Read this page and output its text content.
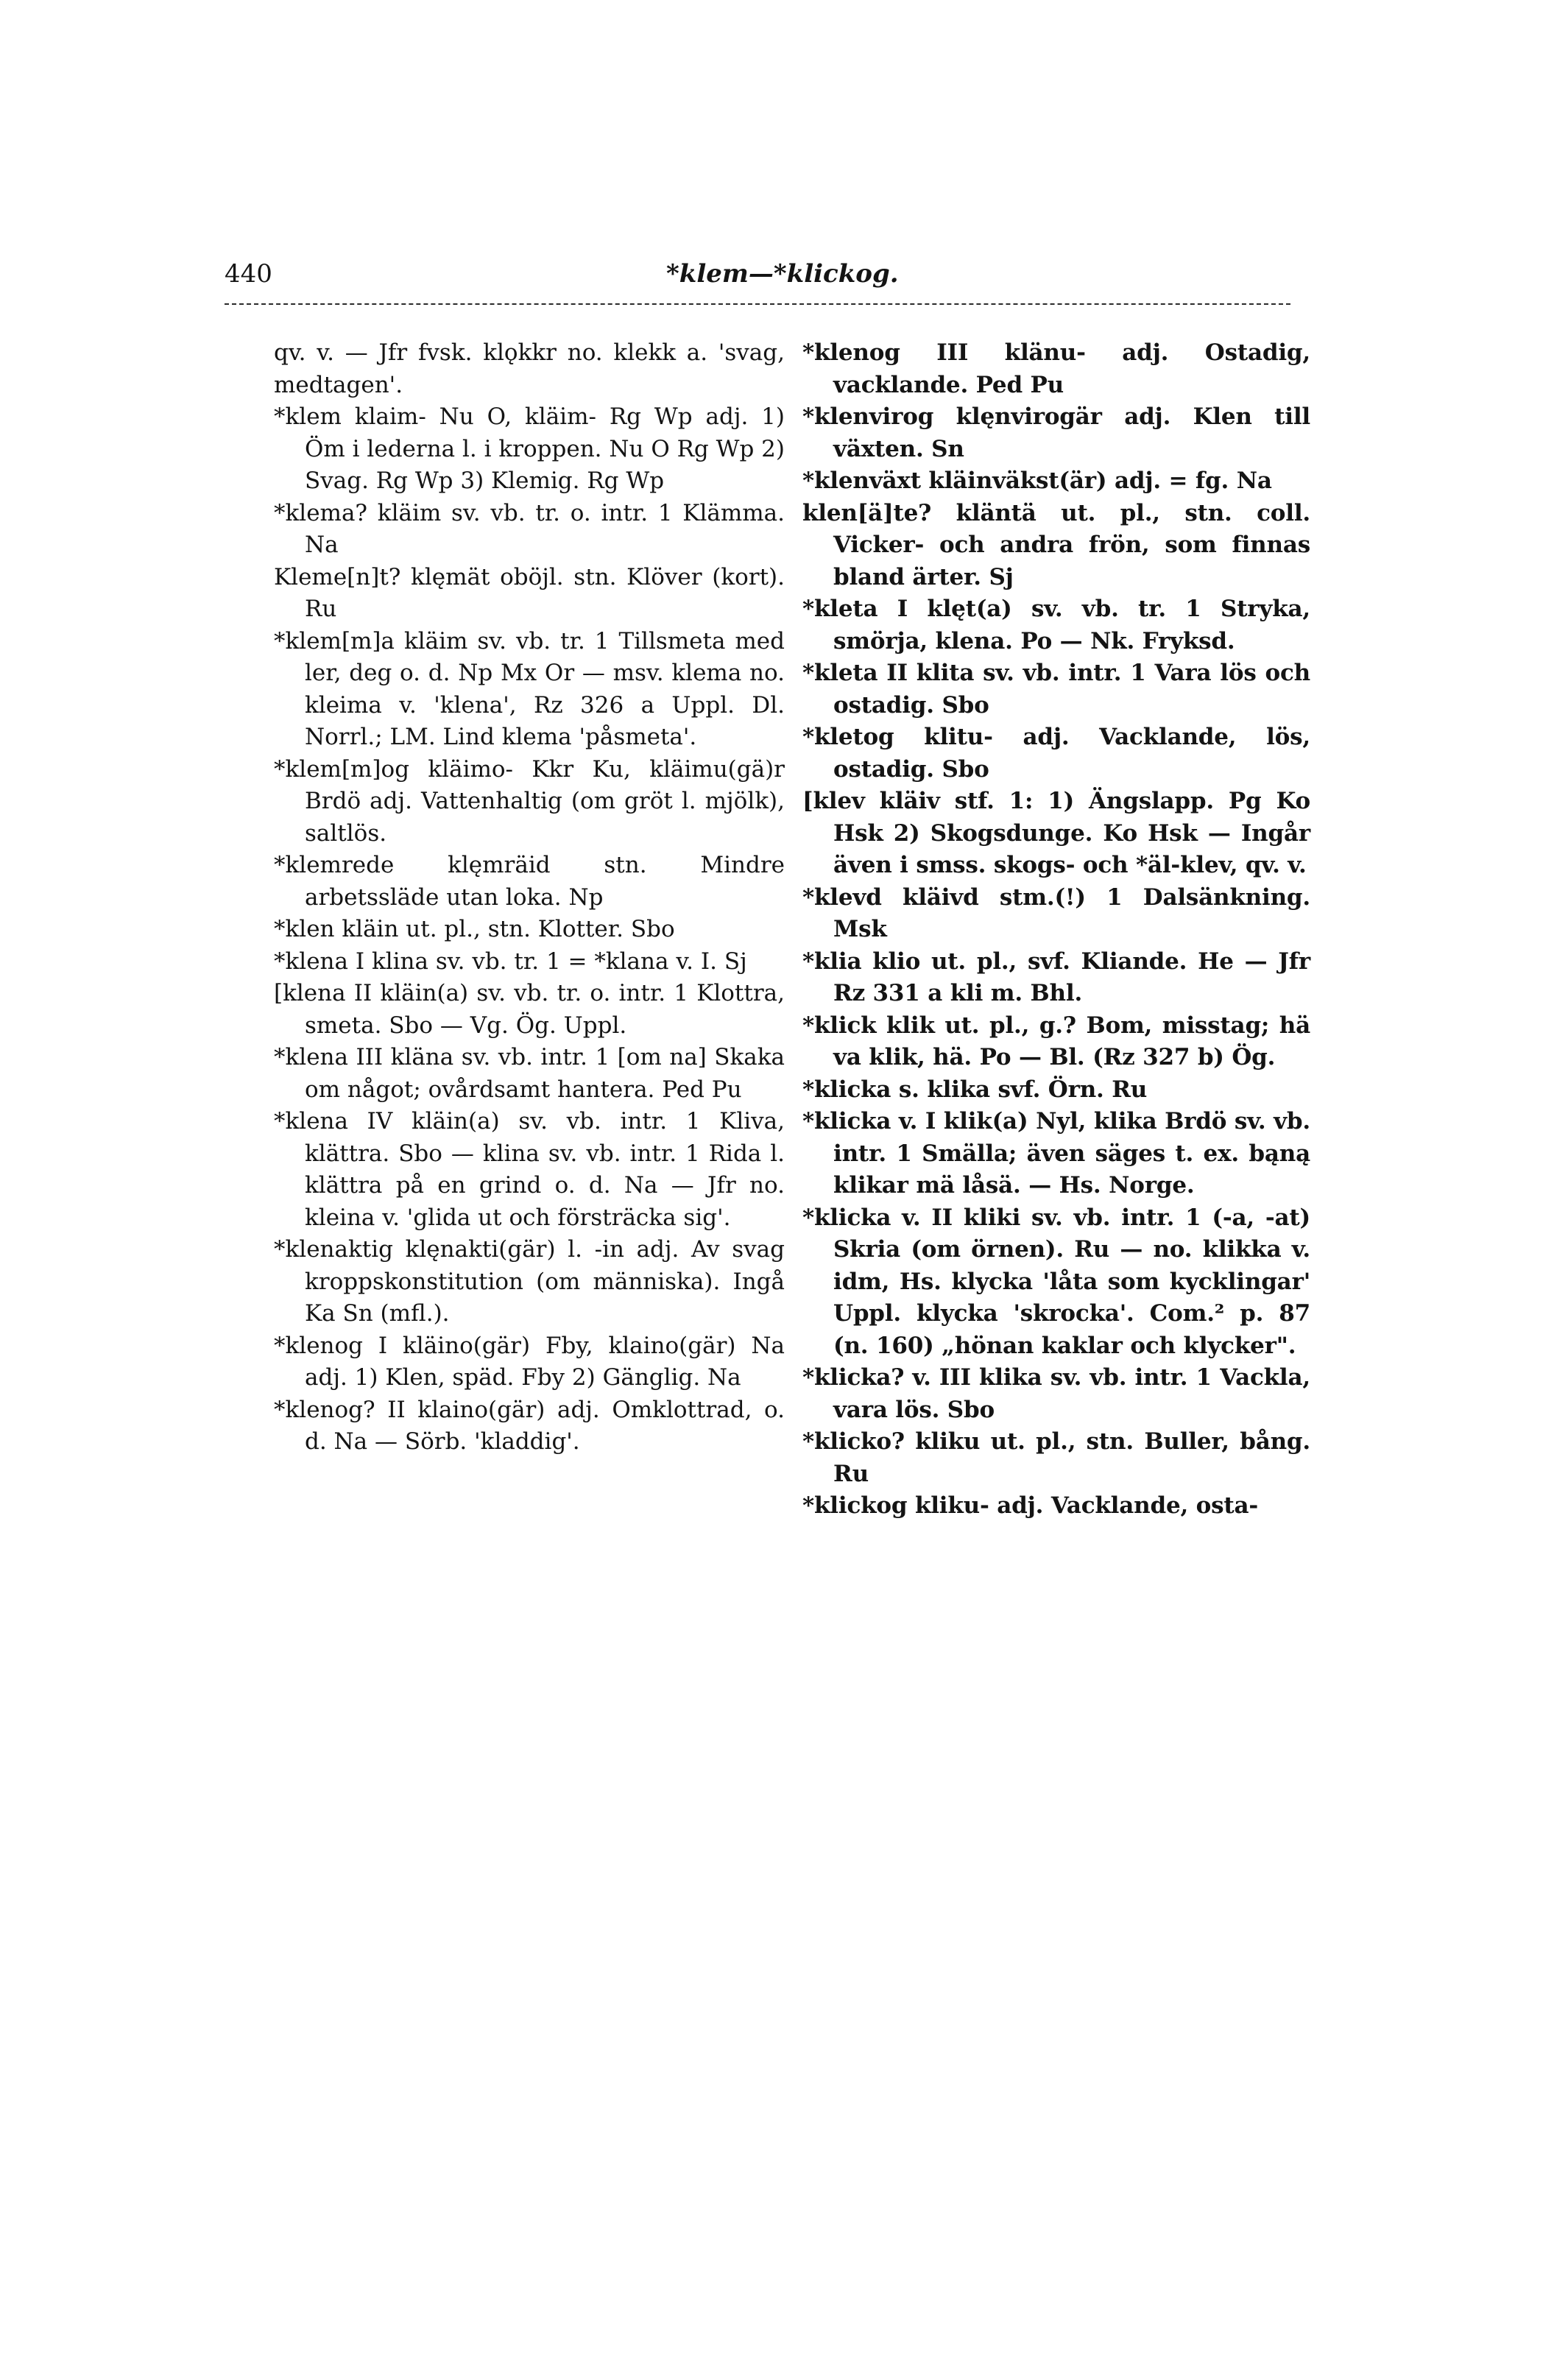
440	*klem—*klickog.

qv. v. — Jfr fvsk. klǫkkr no. klekk a. 'svag, medtagen'.

*klem klaim- Nu O, kläim- Rg Wp adj. 1) Öm i lederna l. i kroppen. Nu O Rg Wp 2) Svag. Rg Wp 3) Klemig. Rg Wp

*klema? kläim sv. vb. tr. o. intr. 1 Klämma. Na

Kleme[n]t? klęmät oböjl. stn. Klöver (kort). Ru

*klem[m]a kläim sv. vb. tr. 1 Tillsmeta med ler, deg o. d. Np Mx Or — msv. klema no. kleima v. 'klena', Rz 326 a Uppl. Dl. Norrl.; LM. Lind klema 'påsmeta'.

*klem[m]og kläimo- Kkr Ku, kläimu(gä)r Brdö adj. Vattenhaltig (om gröt l. mjölk), saltlös.

*klemrede klęmräid stn. Mindre arbetssläde utan loka. Np

*klen kläin ut. pl., stn. Klotter. Sbo

*klena I klina sv. vb. tr. 1 = *klana v. I. Sj

[klena II kläin(a) sv. vb. tr. o. intr. 1 Klottra, smeta. Sbo — Vg. Ög. Uppl.

*klena III kläna sv. vb. intr. 1 [om na] Skaka om något; ovårdsamt hantera. Ped Pu

*klena IV kläin(a) sv. vb. intr. 1 Kliva, klättra. Sbo — klina sv. vb. intr. 1 Rida l. klättra på en grind o. d. Na — Jfr no. kleina v. 'glida ut och försträcka sig'.

*klenaktig klęnakti(gär) l. -in adj. Av svag kroppskonstitution (om människa). Ingå Ka Sn (mfl.).

*klenog I kläino(gär) Fby, klaino(gär) Na adj. 1) Klen, späd. Fby 2) Gänglig. Na

*klenog? II klaino(gär) adj. Omklottrad, o. d. Na — Sörb. 'kladdig'.

*klenog III klänu- adj. Ostadig, vacklande. Ped Pu

*klenvirog klęnvirogär adj. Klen till växten. Sn

*klenväxt kläinväkst(är) adj. = fg. Na

klen[ä]te? kläntä ut. pl., stn. coll. Vicker- och andra frön, som finnas bland ärter. Sj

*kleta I klęt(a) sv. vb. tr. 1 Stryka, smörja, klena. Po — Nk. Fryksd.

*kleta II klita sv. vb. intr. 1 Vara lös och ostadig. Sbo

*kletog klitu- adj. Vacklande, lös, ostadig. Sbo

[klev kläiv stf. 1: 1) Ängslapp. Pg Ko Hsk 2) Skogsdunge. Ko Hsk — Ingår även i smss. skogs- och *äl-klev, qv. v.

*klevd kläivd stm.(!) 1 Dalsänkning. Msk

*klia klio ut. pl., svf. Kliande. He — Jfr Rz 331 a kli m. Bhl.

*klick klik ut. pl., g.? Bom, misstag; hä va klik, hä. Po — Bl. (Rz 327 b) Ög.

*klicka s. klika svf. Örn. Ru

*klicka v. I klik(a) Nyl, klika Brdö sv. vb. intr. 1 Smälla; även säges t. ex. bąną klikar mä låsä. — Hs. Norge.

*klicka v. II kliki sv. vb. intr. 1 (-a, -at) Skria (om örnen). Ru — no. klikka v. idm, Hs. klycka 'låta som kycklingar' Uppl. klycka 'skrocka'. Com.² p. 87 (n. 160) „hönan kaklar och klycker".

*klicka? v. III klika sv. vb. intr. 1 Vackla, vara lös. Sbo

*klicko? kliku ut. pl., stn. Buller, bång. Ru

*klickog kliku- adj. Vacklande, osta-
